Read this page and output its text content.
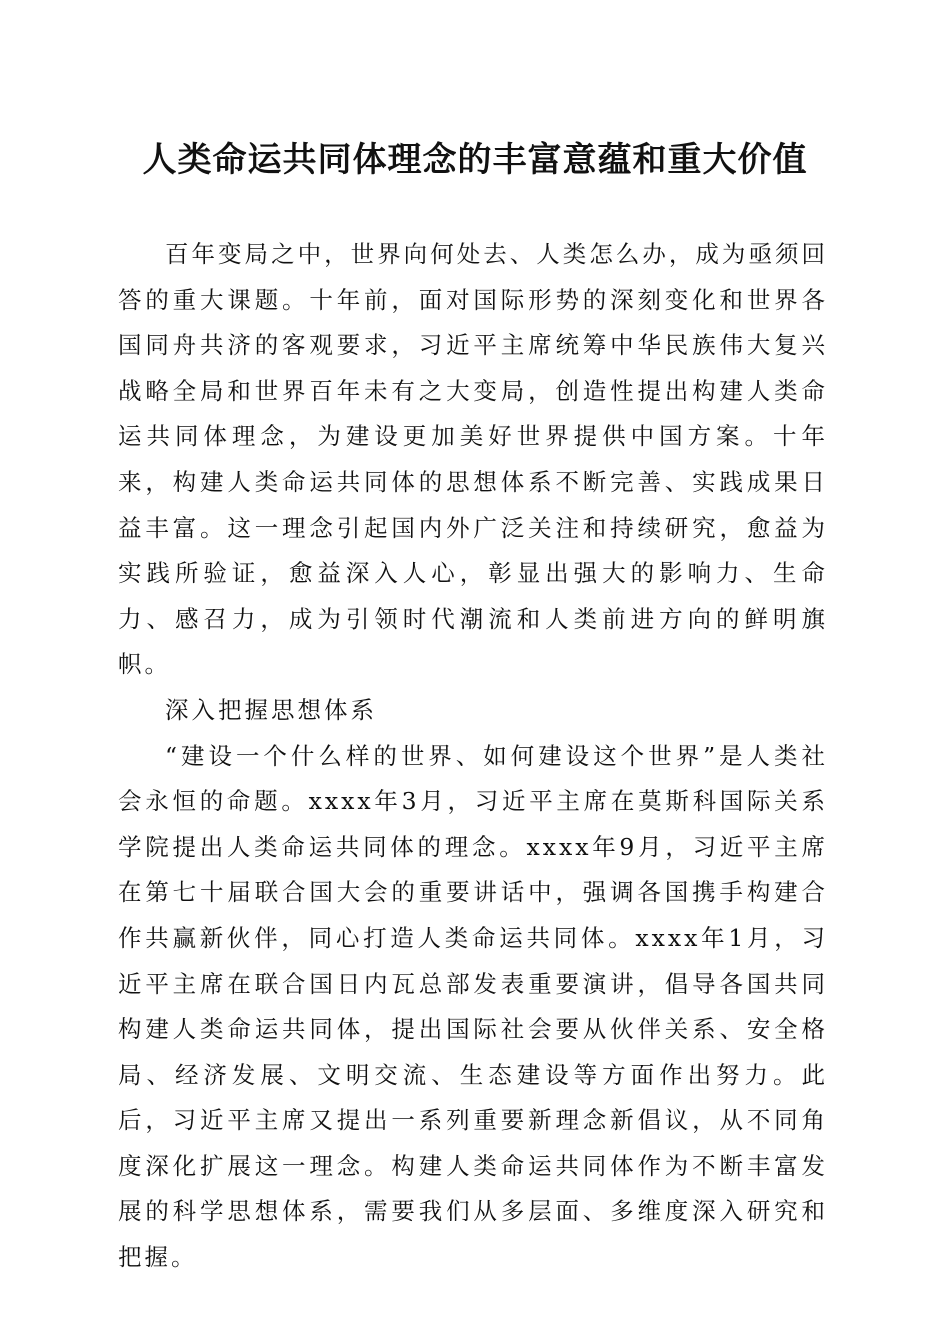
人类命运共同体理念的丰富意蕴和重大价值

百年变局之中，世界向何处去、人类怎么办，成为亟须回答的重大课题。十年前，面对国际形势的深刻变化和世界各国同舟共济的客观要求，习近平主席统筹中华民族伟大复兴战略全局和世界百年未有之大变局，创造性提出构建人类命运共同体理念，为建设更加美好世界提供中国方案。十年来，构建人类命运共同体的思想体系不断完善、实践成果日益丰富。这一理念引起国内外广泛关注和持续研究，愈益为实践所验证，愈益深入人心，彰显出强大的影响力、生命力、感召力，成为引领时代潮流和人类前进方向的鲜明旗帜。

深入把握思想体系

“建设一个什么样的世界、如何建设这个世界”是人类社会永恒的命题。xxxx年3月，习近平主席在莫斯科国际关系学院提出人类命运共同体的理念。xxxx年9月，习近平主席在第七十届联合国大会的重要讲话中，强调各国携手构建合作共赢新伙伴，同心打造人类命运共同体。xxxx年1月，习近平主席在联合国日内瓦总部发表重要演讲，倡导各国共同构建人类命运共同体，提出国际社会要从伙伴关系、安全格局、经济发展、文明交流、生态建设等方面作出努力。此后，习近平主席又提出一系列重要新理念新倡议，从不同角度深化扩展这一理念。构建人类命运共同体作为不断丰富发展的科学思想体系，需要我们从多层面、多维度深入研究和把握。
